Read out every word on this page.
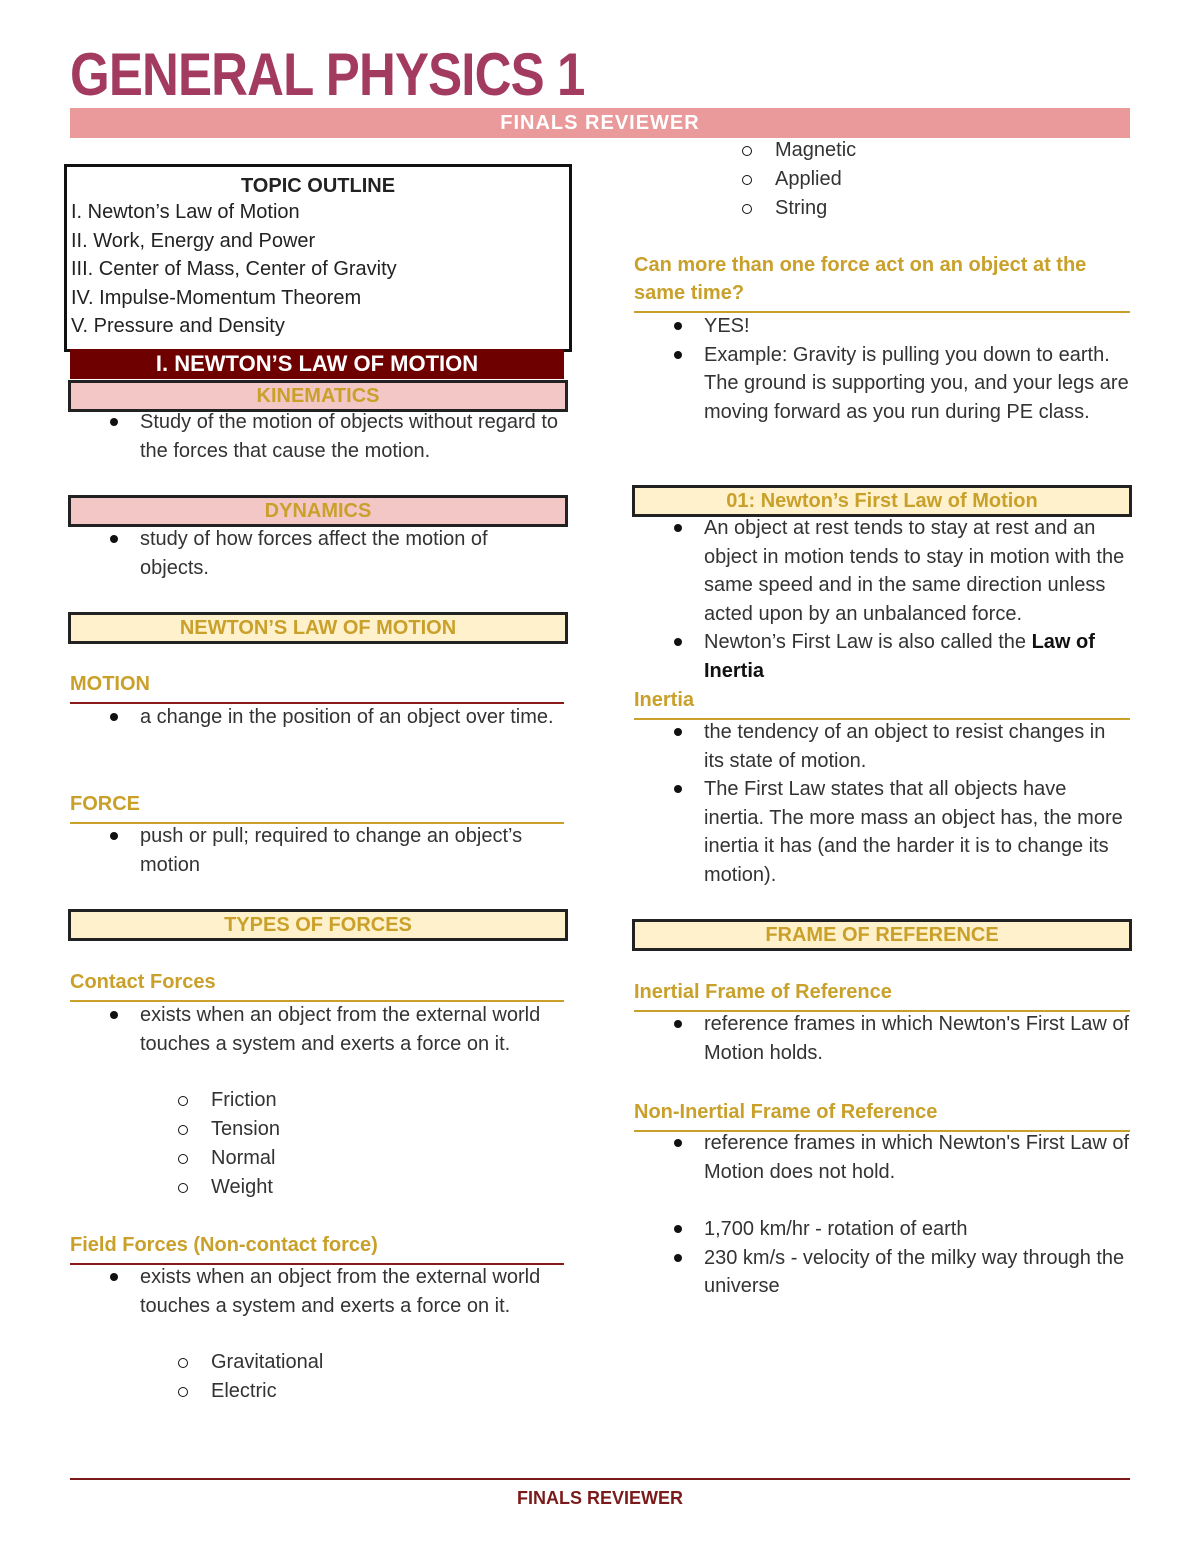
GENERAL PHYSICS 1
FINALS REVIEWER
TOPIC OUTLINE
I. Newton’s Law of Motion
II. Work, Energy and Power
III. Center of Mass, Center of Gravity
IV. Impulse-Momentum Theorem
V. Pressure and Density
I. NEWTON’S LAW OF MOTION
KINEMATICS
Study of the motion of objects without regard to the forces that cause the motion.
DYNAMICS
study of how forces affect the motion of objects.
NEWTON’S LAW OF MOTION
MOTION
a change in the position of an object over time.
FORCE
push or pull; required to change an object’s motion
TYPES OF FORCES
Contact Forces
exists when an object from the external world touches a system and exerts a force on it.
Friction
Tension
Normal
Weight
Field Forces (Non-contact force)
exists when an object from the external world touches a system and exerts a force on it.
Gravitational
Electric
Magnetic
Applied
String
Can more than one force act on an object at the same time?
YES!
Example: Gravity is pulling you down to earth. The ground is supporting you, and your legs are moving forward as you run during PE class.
01: Newton’s First Law of Motion
An object at rest tends to stay at rest and an object in motion tends to stay in motion with the same speed and in the same direction unless acted upon by an unbalanced force.
Newton’s First Law is also called the Law of Inertia
Inertia
the tendency of an object to resist changes in its state of motion.
The First Law states that all objects have inertia. The more mass an object has, the more inertia it has (and the harder it is to change its motion).
FRAME OF REFERENCE
Inertial Frame of Reference
reference frames in which Newton's First Law of Motion holds.
Non-Inertial Frame of Reference
reference frames in which Newton's First Law of Motion does not hold.
1,700 km/hr - rotation of earth
230 km/s - velocity of the milky way through the universe
FINALS REVIEWER
